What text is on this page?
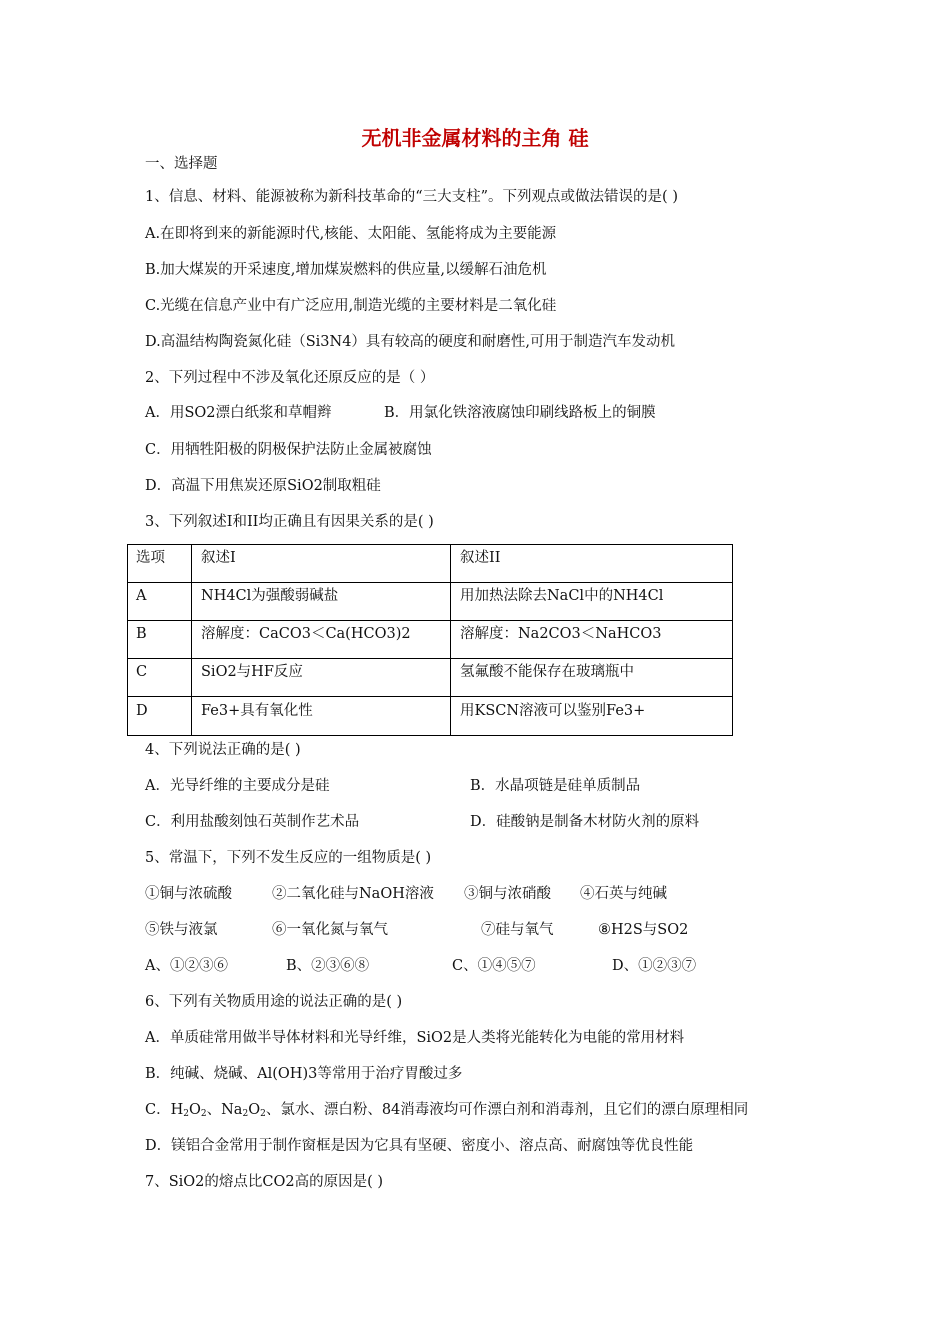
无机非金属材料的主角 硅
一、选择题
1、信息、材料、能源被称为新科技革命的“三大支柱”。下列观点或做法错误的是( )
A.在即将到来的新能源时代,核能、太阳能、氢能将成为主要能源
B.加大煤炭的开采速度,增加煤炭燃料的供应量,以缓解石油危机
C.光缆在信息产业中有广泛应用,制造光缆的主要材料是二氧化硅
D.高温结构陶瓷氮化硅（Si3N4）具有较高的硬度和耐磨性,可用于制造汽车发动机
2、下列过程中不涉及氧化还原反应的是（ ）
A．用SO2漂白纸浆和草帽辫	B．用氯化铁溶液腐蚀印刷线路板上的铜膜
C．用牺牲阳极的阴极保护法防止金属被腐蚀
D．高温下用焦炭还原SiO2制取粗硅
3、下列叙述I和II均正确且有因果关系的是( )
选项 叙述I	叙述II
A	NH4Cl为强酸弱碱盐	用加热法除去NaCl中的NH4Cl
B	溶解度：CaCO3＜Ca(HCO3)2	溶解度：Na2CO3＜NaHCO3
C	SiO2与HF反应	氢氟酸不能保存在玻璃瓶中
D	Fe3+具有氧化性	用KSCN溶液可以鉴别Fe3+
4、下列说法正确的是( )
A．光导纤维的主要成分是硅	B．水晶项链是硅单质制品
C．利用盐酸刻蚀石英制作艺术品	D．硅酸钠是制备木材防火剂的原料
5、常温下，下列不发生反应的一组物质是( )
①铜与浓硫酸	②二氧化硅与NaOH溶液 ③铜与浓硝酸 ④石英与纯碱
⑤铁与液氯	⑥一氧化氮与氧气	⑦硅与氧气	⑧H2S与SO2
A、①②③⑥	B、②③⑥⑧	C、①④⑤⑦	D、①②③⑦
6、下列有关物质用途的说法正确的是( )
A．单质硅常用做半导体材料和光导纤维，SiO2是人类将光能转化为电能的常用材料
B．纯碱、烧碱、Al(OH)3等常用于治疗胃酸过多
C．$H_2O_2$、$Na_2O_2$、氯水、漂白粉、84消毒液均可作漂白剂和消毒剂，且它们的漂白原理相同
D．镁铝合金常用于制作窗框是因为它具有坚硬、密度小、溶点高、耐腐蚀等优良性能
7、SiO2的熔点比CO2高的原因是( )
